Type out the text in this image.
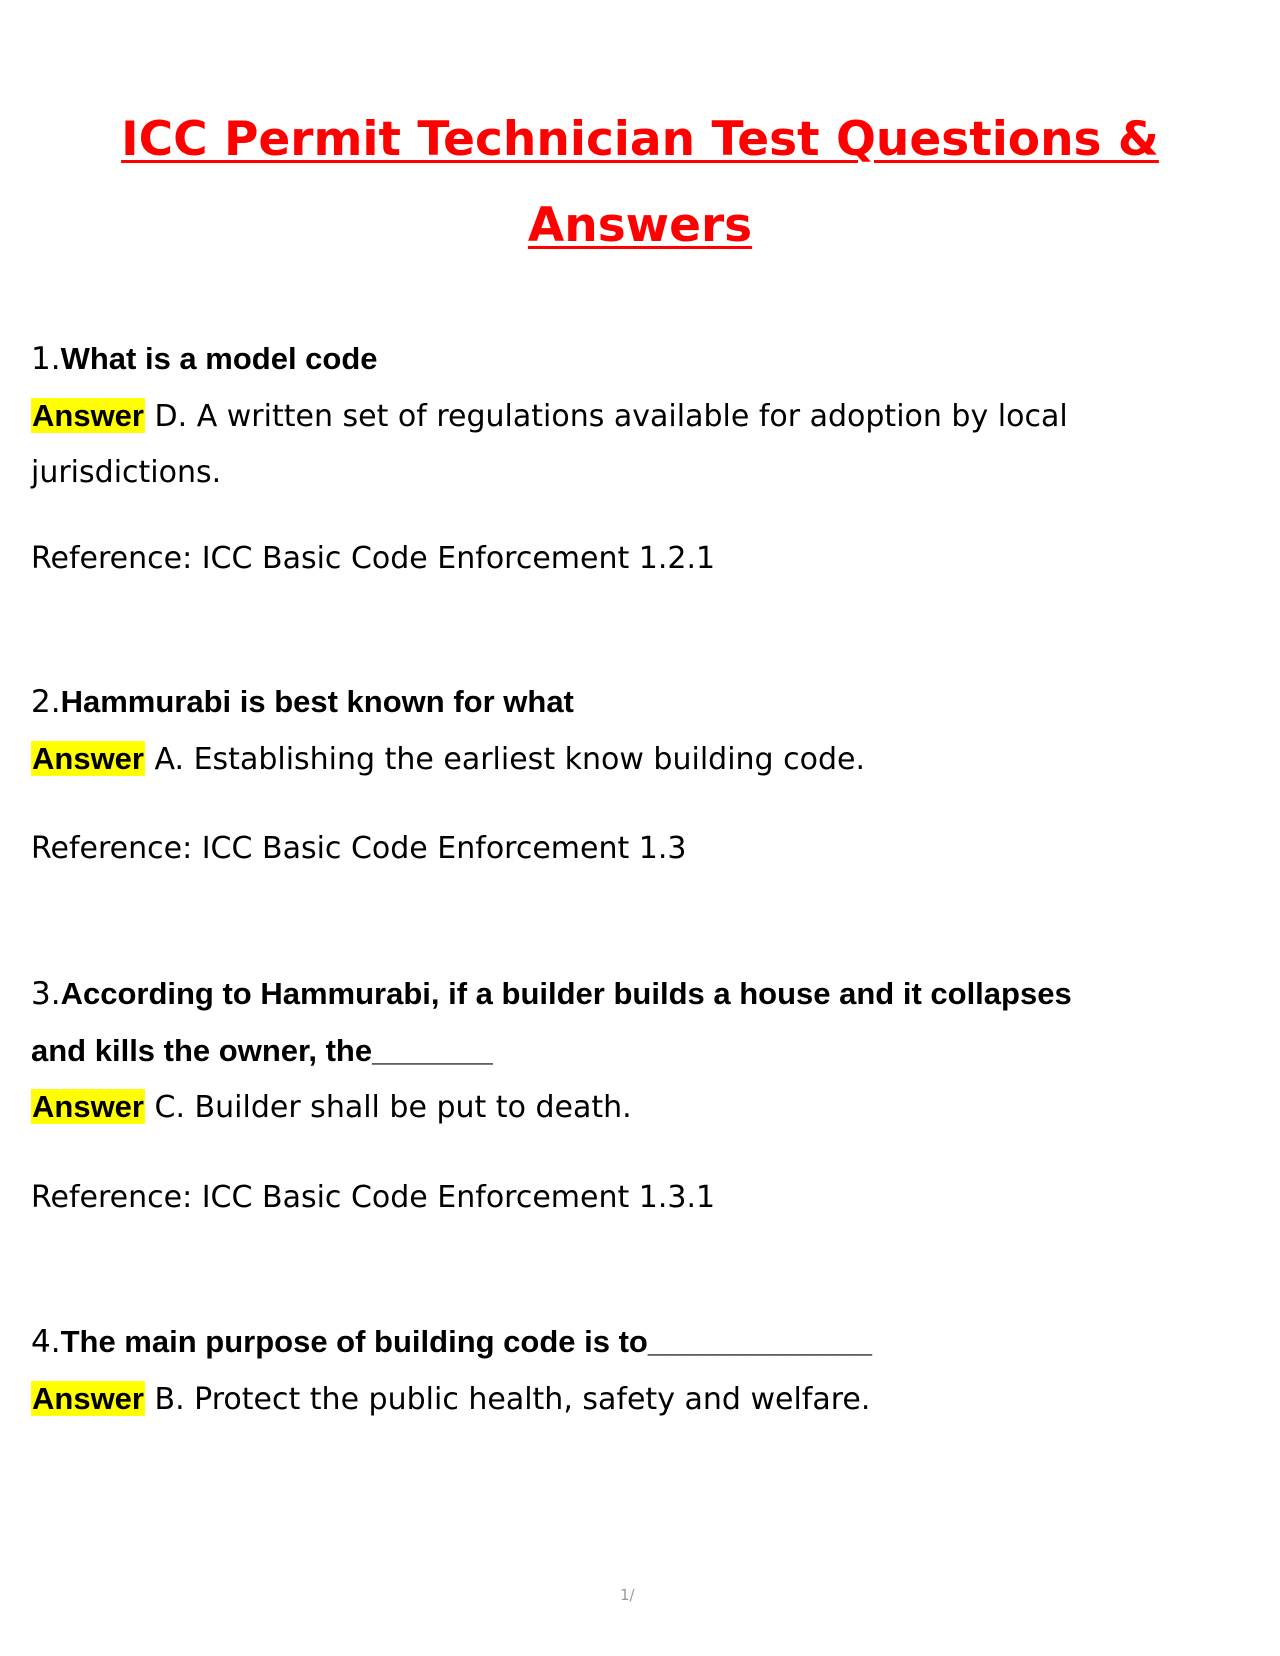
ICC Permit Technician Test Questions &
Answers

1.What is a model code

Answer D. A written set of regulations available for adoption by local

jurisdictions.

Reference: ICC Basic Code Enforcement 1.2.1

2.Hammurabi is best known for what

Answer A. Establishing the earliest know building code.

Reference: ICC Basic Code Enforcement 1.3

3.According to Hammurabi, if a builder builds a house and it collapses

and kills the owner, the_______

Answer C. Builder shall be put to death.

Reference: ICC Basic Code Enforcement 1.3.1

4.The main purpose of building code is to_____________

Answer B. Protect the public health, safety and welfare.

1/
